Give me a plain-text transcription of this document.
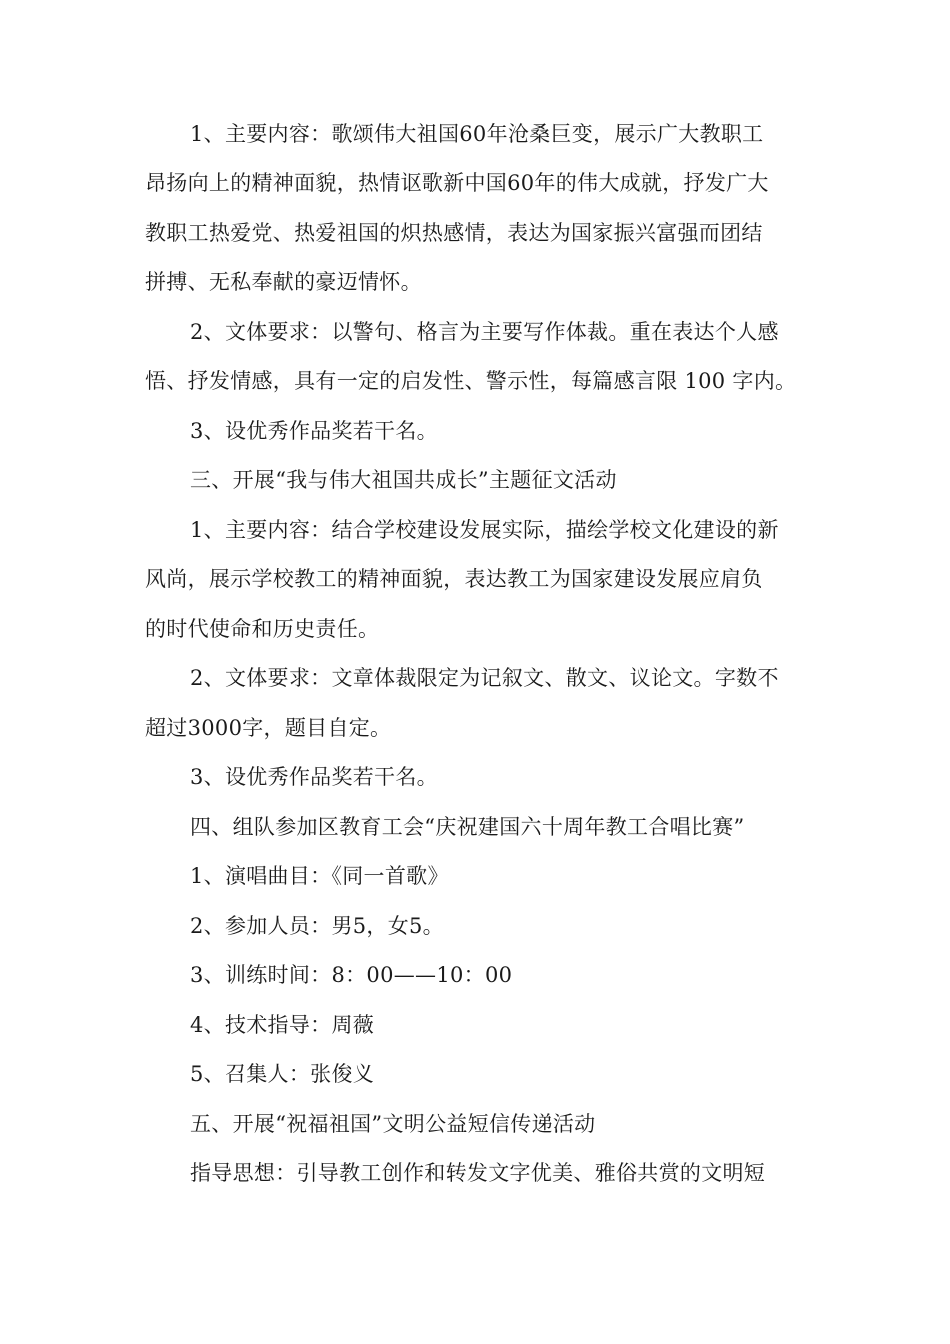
1、主要内容：歌颂伟大祖国60年沧桑巨变，展示广大教职工
昂扬向上的精神面貌，热情讴歌新中国60年的伟大成就，抒发广大
教职工热爱党、热爱祖国的炽热感情，表达为国家振兴富强而团结
拼搏、无私奉献的豪迈情怀。
2、文体要求：以警句、格言为主要写作体裁。重在表达个人感
悟、抒发情感，具有一定的启发性、警示性，每篇感言限 100 字内。
3、设优秀作品奖若干名。
三、开展“我与伟大祖国共成长”主题征文活动
1、主要内容：结合学校建设发展实际，描绘学校文化建设的新
风尚，展示学校教工的精神面貌，表达教工为国家建设发展应肩负
的时代使命和历史责任。
2、文体要求：文章体裁限定为记叙文、散文、议论文。字数不
超过3000字，题目自定。
3、设优秀作品奖若干名。
四、组队参加区教育工会“庆祝建国六十周年教工合唱比赛”
1、演唱曲目：《同一首歌》
2、参加人员：男5，女5。
3、训练时间：8：00——10：00
4、技术指导：周薇
5、召集人：张俊义
五、开展“祝福祖国”文明公益短信传递活动
指导思想：引导教工创作和转发文字优美、雅俗共赏的文明短
